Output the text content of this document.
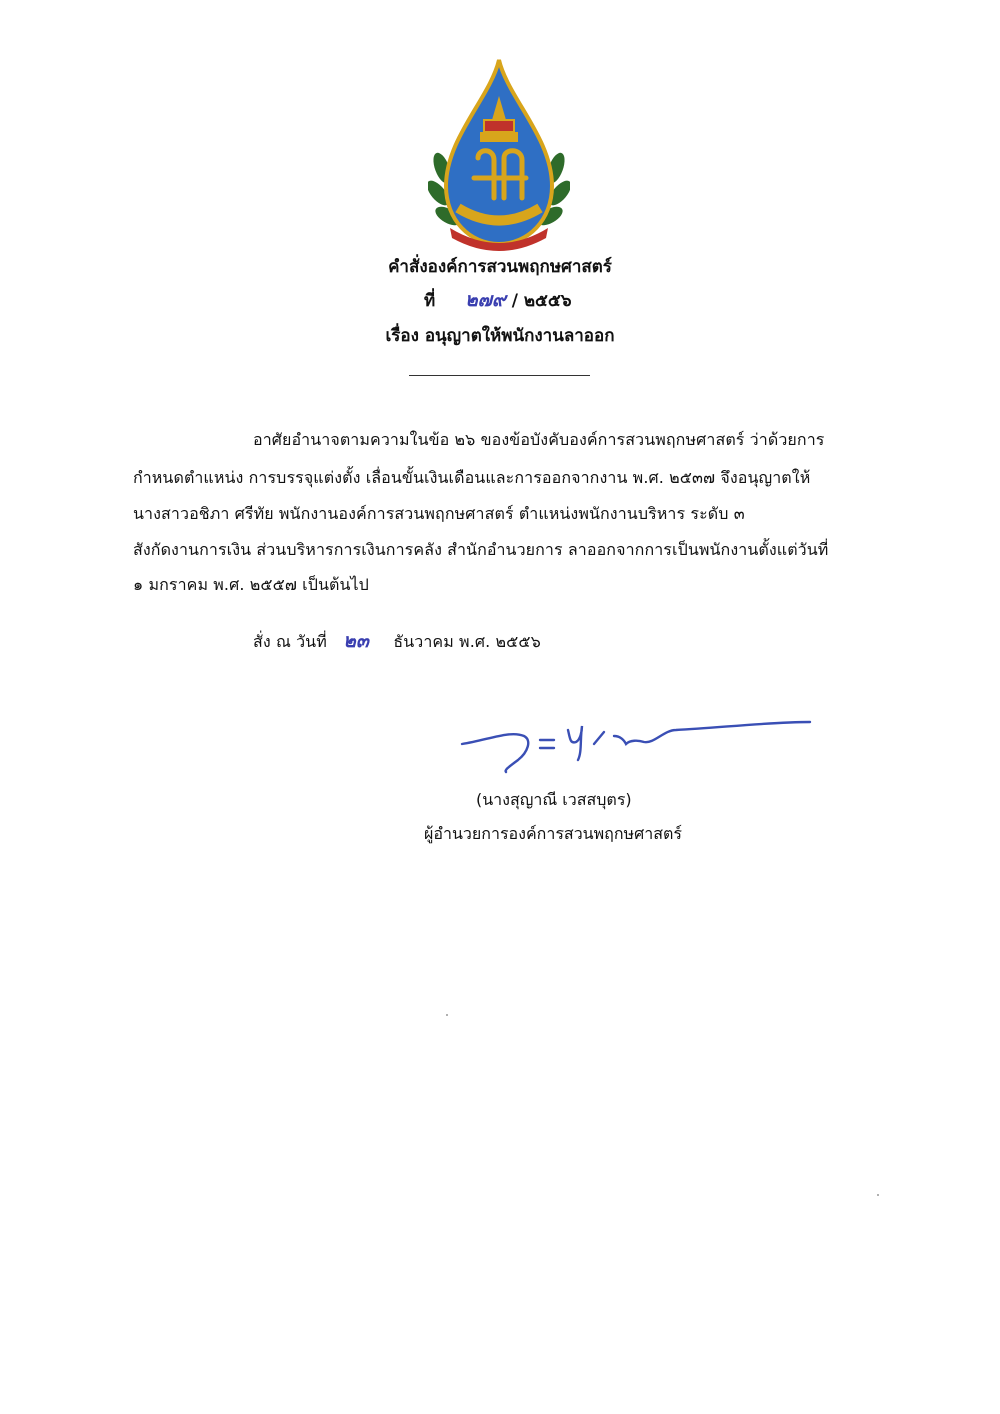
คำสั่งองค์การสวนพฤกษศาสตร์
ที่ ๒๗๙ / ๒๕๕๖
เรื่อง อนุญาตให้พนักงานลาออก
อาศัยอำนาจตามความในข้อ ๒๖ ของข้อบังคับองค์การสวนพฤกษศาสตร์ ว่าด้วยการ
กำหนดตำแหน่ง การบรรจุแต่งตั้ง เลื่อนขั้นเงินเดือนและการออกจากงาน พ.ศ. ๒๕๓๗ จึงอนุญาตให้
นางสาวอชิภา ศรีทัย พนักงานองค์การสวนพฤกษศาสตร์ ตำแหน่งพนักงานบริหาร ระดับ ๓
สังกัดงานการเงิน ส่วนบริหารการเงินการคลัง สำนักอำนวยการ ลาออกจากการเป็นพนักงานตั้งแต่วันที่
๑ มกราคม พ.ศ. ๒๕๕๗ เป็นต้นไป
สั่ง ณ วันที่ ๒๓ ธันวาคม พ.ศ. ๒๕๕๖
(นางสุญาณี เวสสบุตร)
ผู้อำนวยการองค์การสวนพฤกษศาสตร์
